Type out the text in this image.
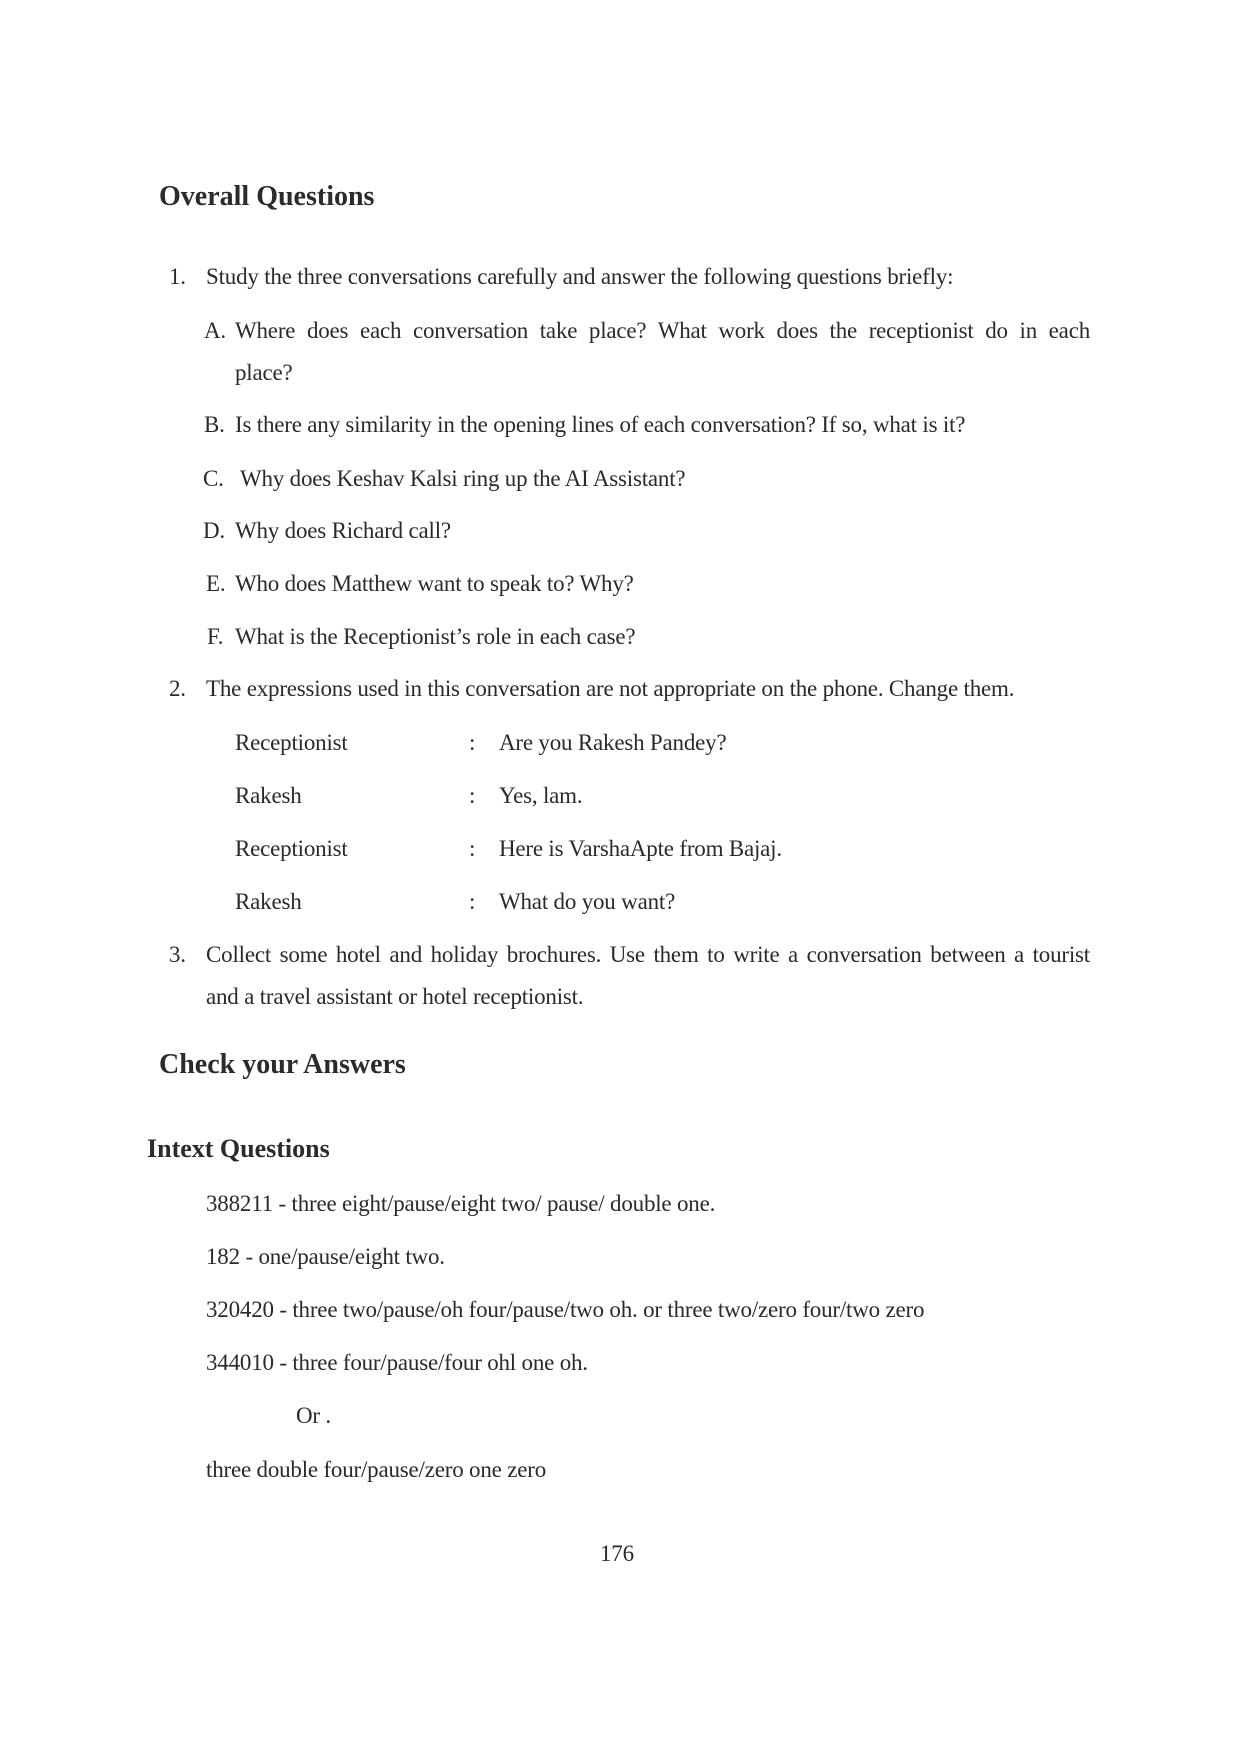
Overall Questions
1. Study the three conversations carefully and answer the following questions briefly:
A. Where does each conversation take place? What work does the receptionist do in each
place?
B. Is there any similarity in the opening lines of each conversation? If so, what is it?
C. Why does Keshav Kalsi ring up the AI Assistant?
D. Why does Richard call?
E. Who does Matthew want to speak to? Why?
F. What is the Receptionist’s role in each case?
2. The expressions used in this conversation are not appropriate on the phone. Change them.
Receptionist	: Are you Rakesh Pandey?
Rakesh	: Yes, lam.
Receptionist	: Here is VarshaApte from Bajaj.
Rakesh	: What do you want?
3. Collect some hotel and holiday brochures. Use them to write a conversation between a tourist
and a travel assistant or hotel receptionist.
Check your Answers
Intext Questions
388211 - three eight/pause/eight two/ pause/ double one.
182 - one/pause/eight two.
320420 - three two/pause/oh four/pause/two oh. or three two/zero four/two zero
344010 - three four/pause/four ohl one oh.
Or .
three double four/pause/zero one zero
176
